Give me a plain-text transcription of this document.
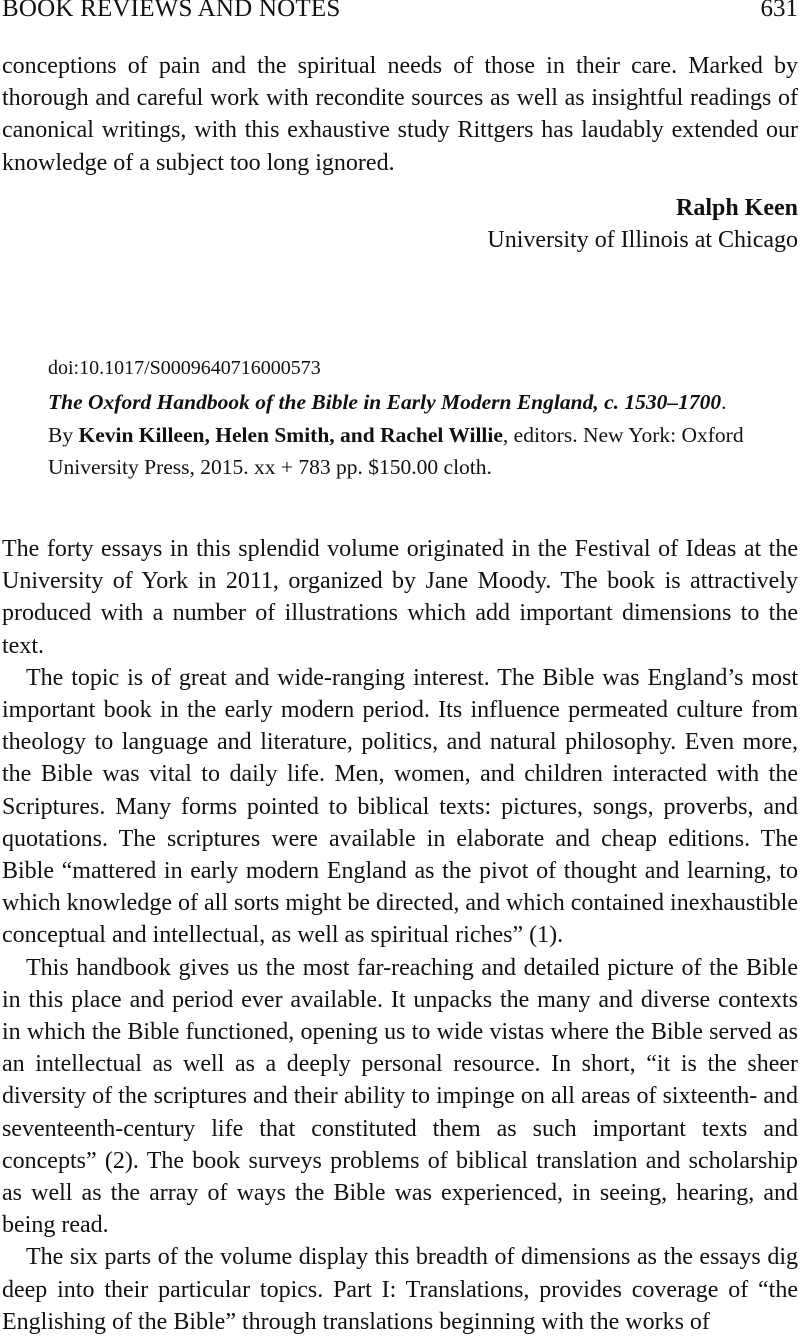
BOOK REVIEWS AND NOTES	631

conceptions of pain and the spiritual needs of those in their care. Marked by thorough and careful work with recondite sources as well as insightful readings of canonical writings, with this exhaustive study Rittgers has laudably extended our knowledge of a subject too long ignored.

Ralph Keen
University of Illinois at Chicago
doi:10.1017/S0009640716000573
The Oxford Handbook of the Bible in Early Modern England, c. 1530–1700. By Kevin Killeen, Helen Smith, and Rachel Willie, editors. New York: Oxford University Press, 2015. xx + 783 pp. $150.00 cloth.

The forty essays in this splendid volume originated in the Festival of Ideas at the University of York in 2011, organized by Jane Moody. The book is attractively produced with a number of illustrations which add important dimensions to the text.

The topic is of great and wide-ranging interest. The Bible was England’s most important book in the early modern period. Its influence permeated culture from theology to language and literature, politics, and natural philosophy. Even more, the Bible was vital to daily life. Men, women, and children interacted with the Scriptures. Many forms pointed to biblical texts: pictures, songs, proverbs, and quotations. The scriptures were available in elaborate and cheap editions. The Bible “mattered in early modern England as the pivot of thought and learning, to which knowledge of all sorts might be directed, and which contained inexhaustible conceptual and intellectual, as well as spiritual riches” (1).

This handbook gives us the most far-reaching and detailed picture of the Bible in this place and period ever available. It unpacks the many and diverse contexts in which the Bible functioned, opening us to wide vistas where the Bible served as an intellectual as well as a deeply personal resource. In short, “it is the sheer diversity of the scriptures and their ability to impinge on all areas of sixteenth- and seventeenth-century life that constituted them as such important texts and concepts” (2). The book surveys problems of biblical translation and scholarship as well as the array of ways the Bible was experienced, in seeing, hearing, and being read.

The six parts of the volume display this breadth of dimensions as the essays dig deep into their particular topics. Part I: Translations, provides coverage of “the Englishing of the Bible” through translations beginning with the works of
